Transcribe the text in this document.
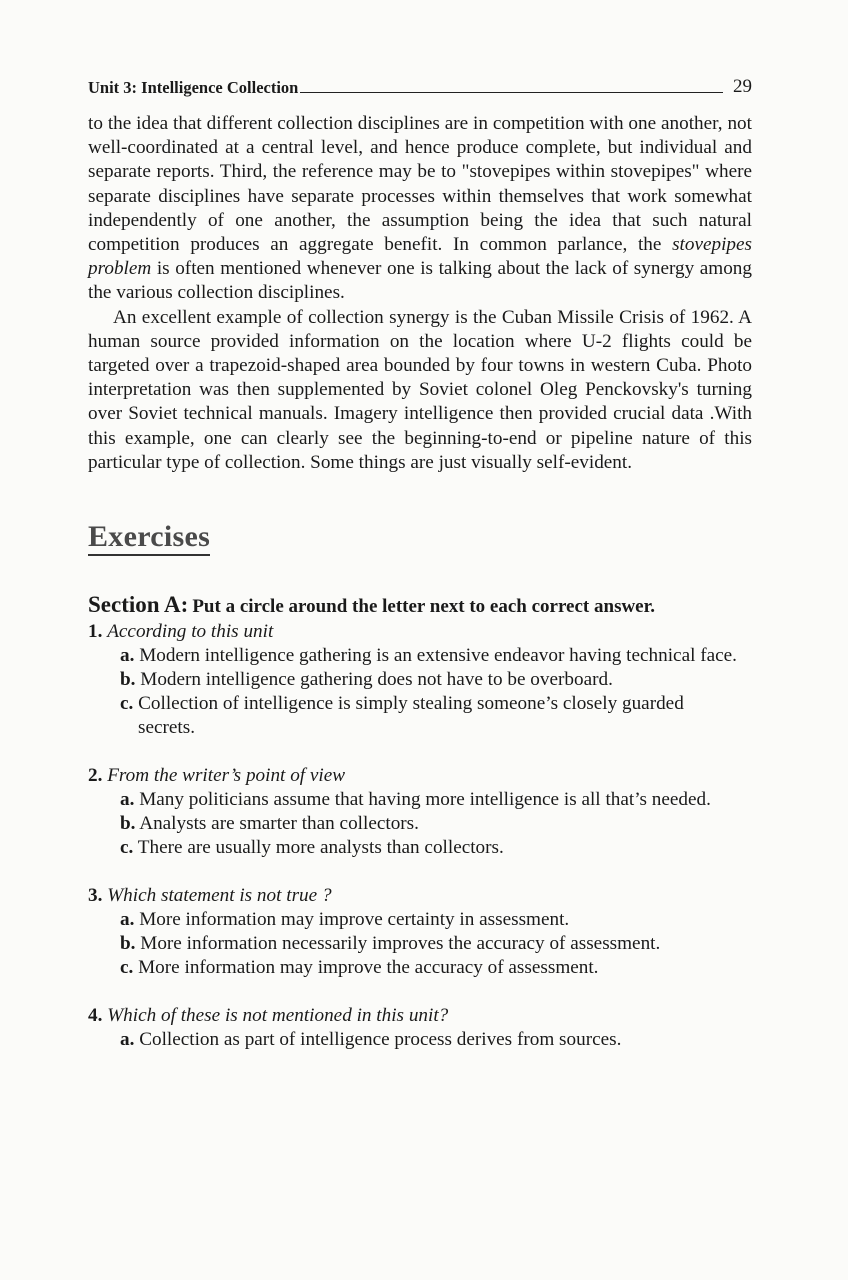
Unit 3: Intelligence Collection	29

to the idea that different collection disciplines are in competition with one another, not well-coordinated at a central level, and hence produce complete, but individual and separate reports. Third, the reference may be to "stovepipes within stovepipes" where separate disciplines have separate processes within themselves that work somewhat independently of one another, the assumption being the idea that such natural competition produces an aggregate benefit. In common parlance, the stovepipes problem is often mentioned whenever one is talking about the lack of synergy among the various collection disciplines.

An excellent example of collection synergy is the Cuban Missile Crisis of 1962. A human source provided information on the location where U-2 flights could be targeted over a trapezoid-shaped area bounded by four towns in western Cuba. Photo interpretation was then supplemented by Soviet colonel Oleg Penckovsky's turning over Soviet technical manuals. Imagery intelligence then provided crucial data .With this example, one can clearly see the beginning-to-end or pipeline nature of this particular type of collection. Some things are just visually self-evident.

Exercises
Section A: Put a circle around the letter next to each correct answer.
1. According to this unit
a. Modern intelligence gathering is an extensive endeavor having technical face.
b. Modern intelligence gathering does not have to be overboard.
c. Collection of intelligence is simply stealing someone’s closely guarded secrets.
2. From the writer’s point of view
a. Many politicians assume that having more intelligence is all that’s needed.
b. Analysts are smarter than collectors.
c. There are usually more analysts than collectors.
3. Which statement is not true ?
a. More information may improve certainty in assessment.
b. More information necessarily improves the accuracy of assessment.
c. More information may improve the accuracy of assessment.
4. Which of these is not mentioned in this unit?
a. Collection as part of intelligence process derives from sources.
